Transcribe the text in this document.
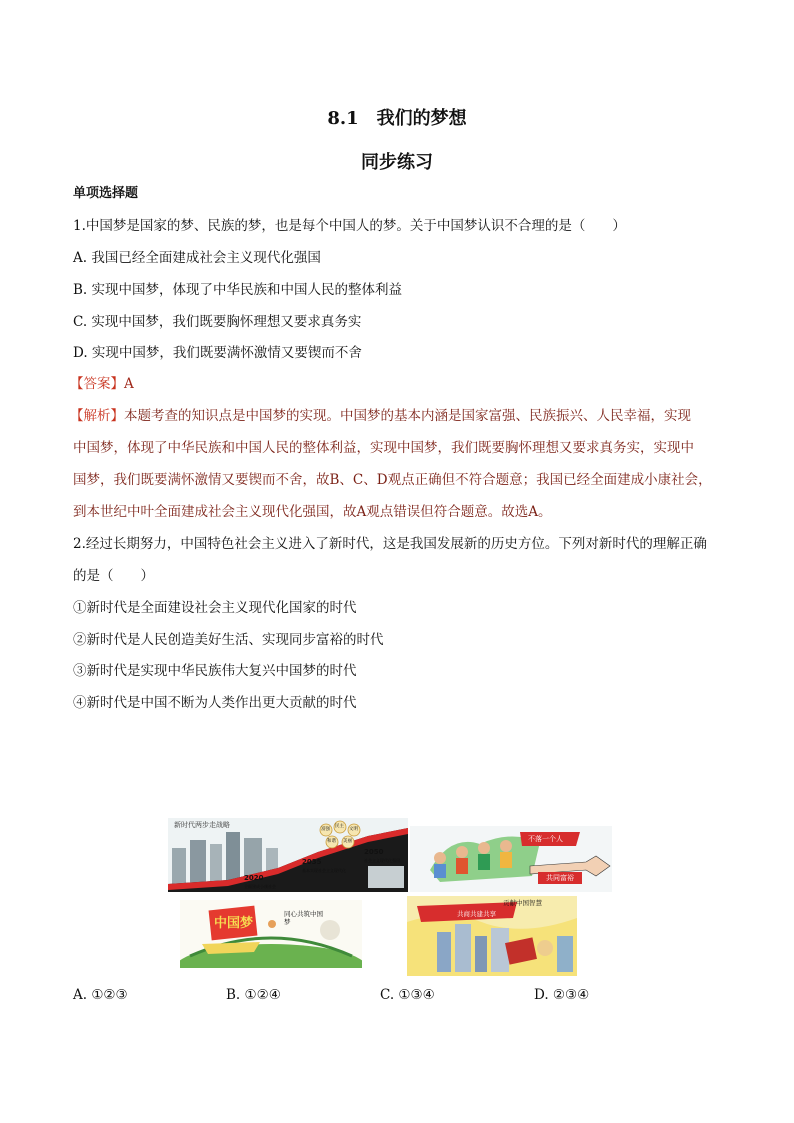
8.1　我们的梦想
同步练习
单项选择题
1.中国梦是国家的梦、民族的梦，也是每个中国人的梦。关于中国梦认识不合理的是（　　）
A. 我国已经全面建成社会主义现代化强国
B. 实现中国梦，体现了中华民族和中国人民的整体利益
C. 实现中国梦，我们既要胸怀理想又要求真务实
D. 实现中国梦，我们既要满怀激情又要锲而不舍
【答案】A
【解析】本题考查的知识点是中国梦的实现。中国梦的基本内涵是国家富强、民族振兴、人民幸福，实现
中国梦，体现了中华民族和中国人民的整体利益，实现中国梦，我们既要胸怀理想又要求真务实，实现中
国梦，我们既要满怀激情又要锲而不舍，故B、C、D观点正确但不符合题意；我国已经全面建成小康社会，
到本世纪中叶全面建成社会主义现代化强国，故A观点错误但符合题意。故选A。
2.经过长期努力，中国特色社会主义进入了新时代，这是我国发展新的历史方位。下列对新时代的理解正确
的是（　　）
①新时代是全面建设社会主义现代化国家的时代
②新时代是人民创造美好生活、实现同步富裕的时代
③新时代是实现中华民族伟大复兴中国梦的时代
④新时代是中国不断为人类作出更大贡献的时代
新时代两步走战略
富强
民主
文明
和谐 美丽
2035
基本实现社会主义现代化
2050
社会主义现代化强国
2020
全面建成小康社会
不落一个人
共同富裕
中国梦
同心共筑中国梦
贡献中国智慧
共商共建共享
A. ①②③	B. ①②④	C. ①③④	D. ②③④
